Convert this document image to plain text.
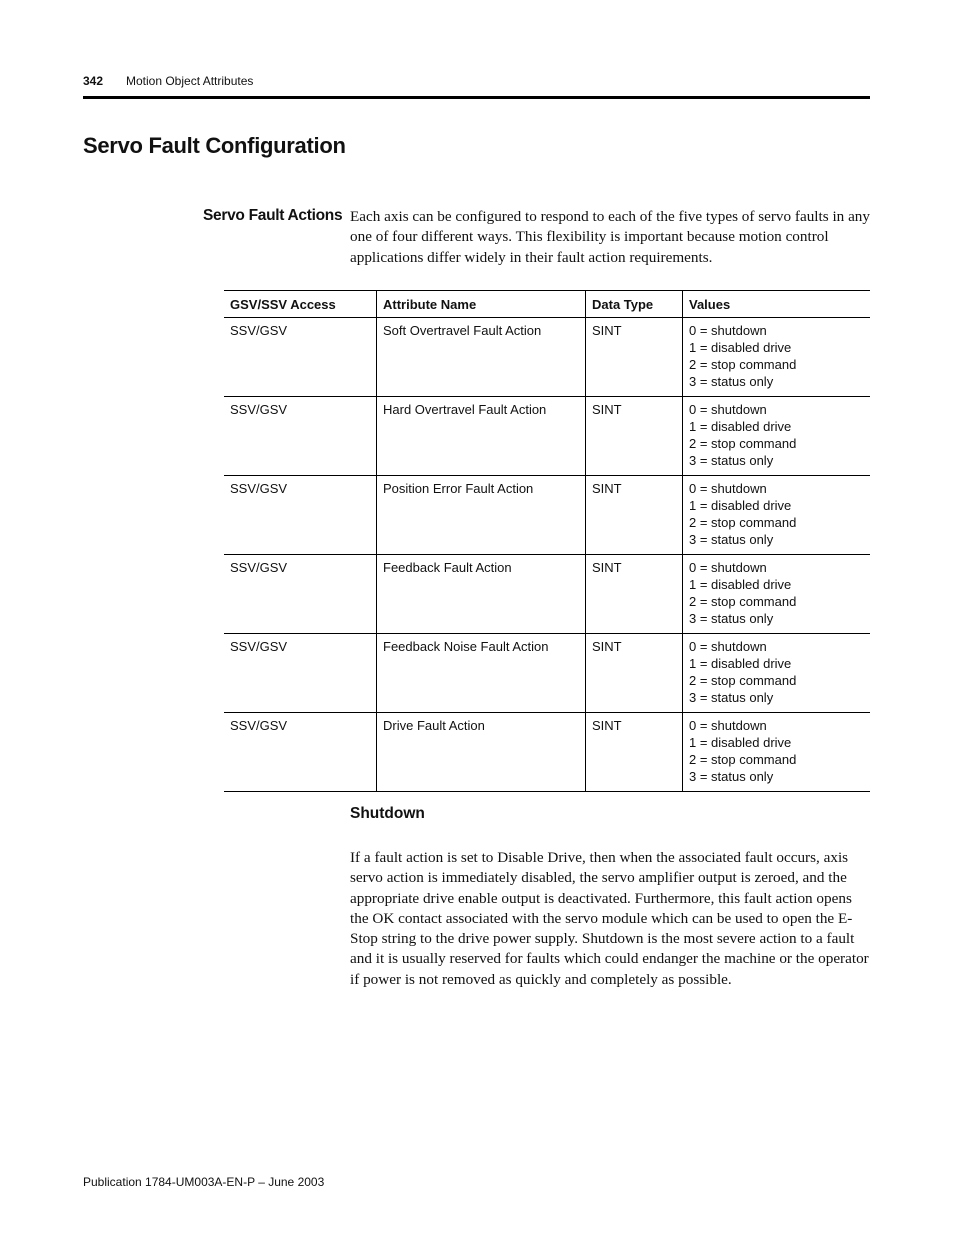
342 Motion Object Attributes
Servo Fault Configuration
Servo Fault Actions Each axis can be configured to respond to each of the five types of servo faults in any one of four different ways. This flexibility is important because motion control applications differ widely in their fault action requirements.

GSV/SSV Access	Attribute Name	Data Type	Values
SSV/GSV	Soft Overtravel Fault Action	SINT	0 = shutdown
1 = disabled drive
2 = stop command
3 = status only

SSV/GSV	Hard Overtravel Fault Action	SINT	0 = shutdown
1 = disabled drive
2 = stop command
3 = status only

SSV/GSV	Position Error Fault Action	SINT	0 = shutdown
1 = disabled drive
2 = stop command
3 = status only

SSV/GSV	Feedback Fault Action	SINT	0 = shutdown
1 = disabled drive
2 = stop command
3 = status only

SSV/GSV	Feedback Noise Fault Action	SINT	0 = shutdown
1 = disabled drive
2 = stop command
3 = status only

SSV/GSV	Drive Fault Action	SINT	0 = shutdown
1 = disabled drive
2 = stop command
3 = status only
Shutdown

If a fault action is set to Disable Drive, then when the associated fault occurs, axis servo action is immediately disabled, the servo amplifier output is zeroed, and the appropriate drive enable output is deactivated. Furthermore, this fault action opens the OK contact associated with the servo module which can be used to open the E-Stop string to the drive power supply. Shutdown is the most severe action to a fault and it is usually reserved for faults which could endanger the machine or the operator if power is not removed as quickly and completely as possible.

Publication 1784-UM003A-EN-P – June 2003
